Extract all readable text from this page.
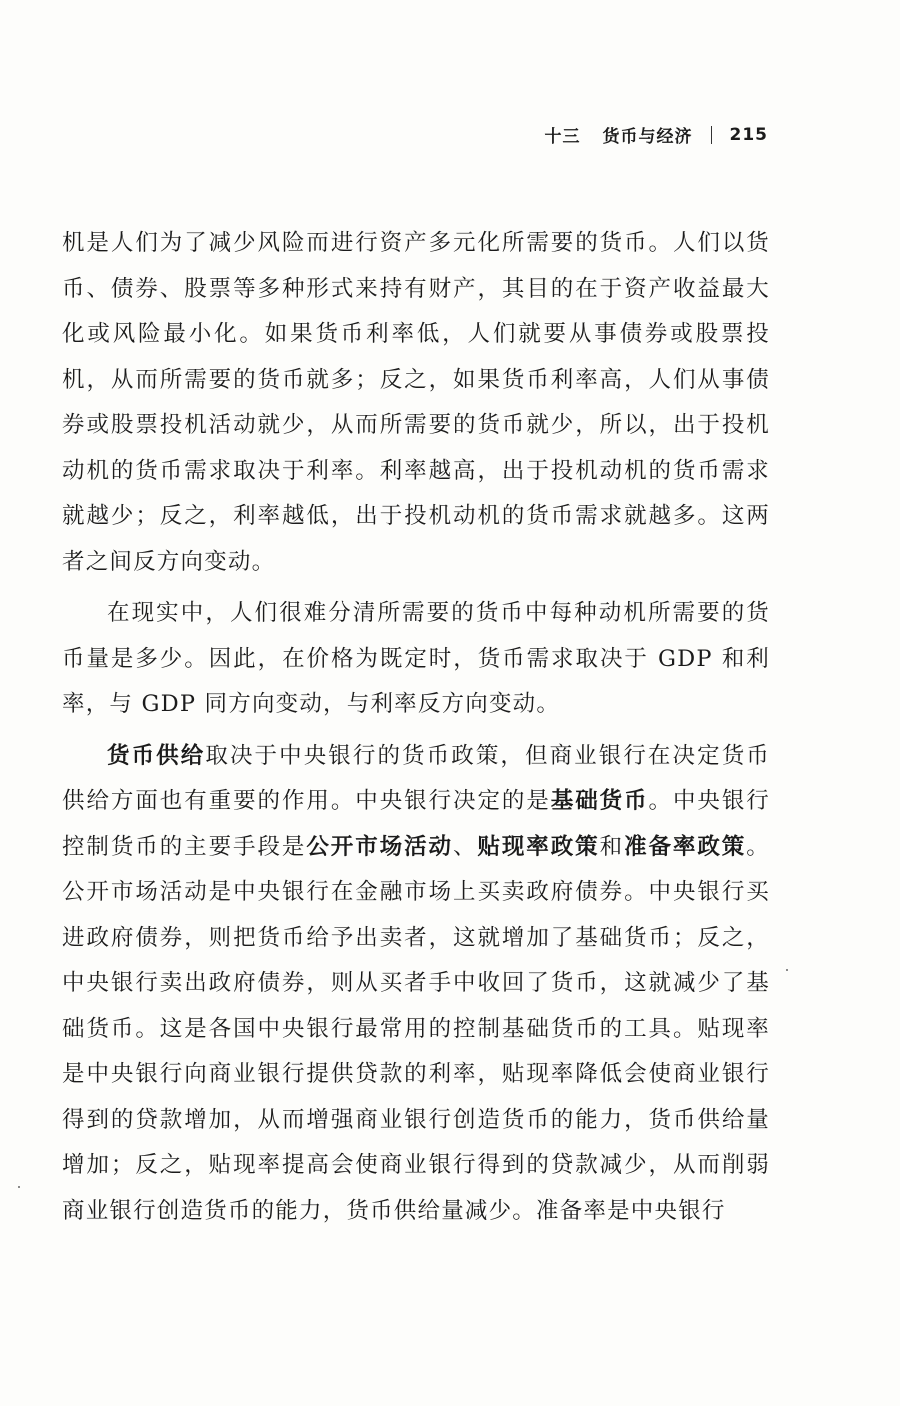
十三 货币与经济 215

机是人们为了减少风险而进行资产多元化所需要的货币。人们以货币、债券、股票等多种形式来持有财产，其目的在于资产收益最大化或风险最小化。如果货币利率低，人们就要从事债券或股票投机，从而所需要的货币就多；反之，如果货币利率高，人们从事债券或股票投机活动就少，从而所需要的货币就少，所以，出于投机动机的货币需求取决于利率。利率越高，出于投机动机的货币需求就越少；反之，利率越低，出于投机动机的货币需求就越多。这两者之间反方向变动。

在现实中，人们很难分清所需要的货币中每种动机所需要的货币量是多少。因此，在价格为既定时，货币需求取决于 GDP 和利率，与 GDP 同方向变动，与利率反方向变动。

货币供给取决于中央银行的货币政策，但商业银行在决定货币供给方面也有重要的作用。中央银行决定的是基础货币。中央银行控制货币的主要手段是公开市场活动、贴现率政策和准备率政策。公开市场活动是中央银行在金融市场上买卖政府债券。中央银行买进政府债券，则把货币给予出卖者，这就增加了基础货币；反之，中央银行卖出政府债券，则从买者手中收回了货币，这就减少了基础货币。这是各国中央银行最常用的控制基础货币的工具。贴现率是中央银行向商业银行提供贷款的利率，贴现率降低会使商业银行得到的贷款增加，从而增强商业银行创造货币的能力，货币供给量增加；反之，贴现率提高会使商业银行得到的贷款减少，从而削弱商业银行创造货币的能力，货币供给量减少。准备率是中央银行
